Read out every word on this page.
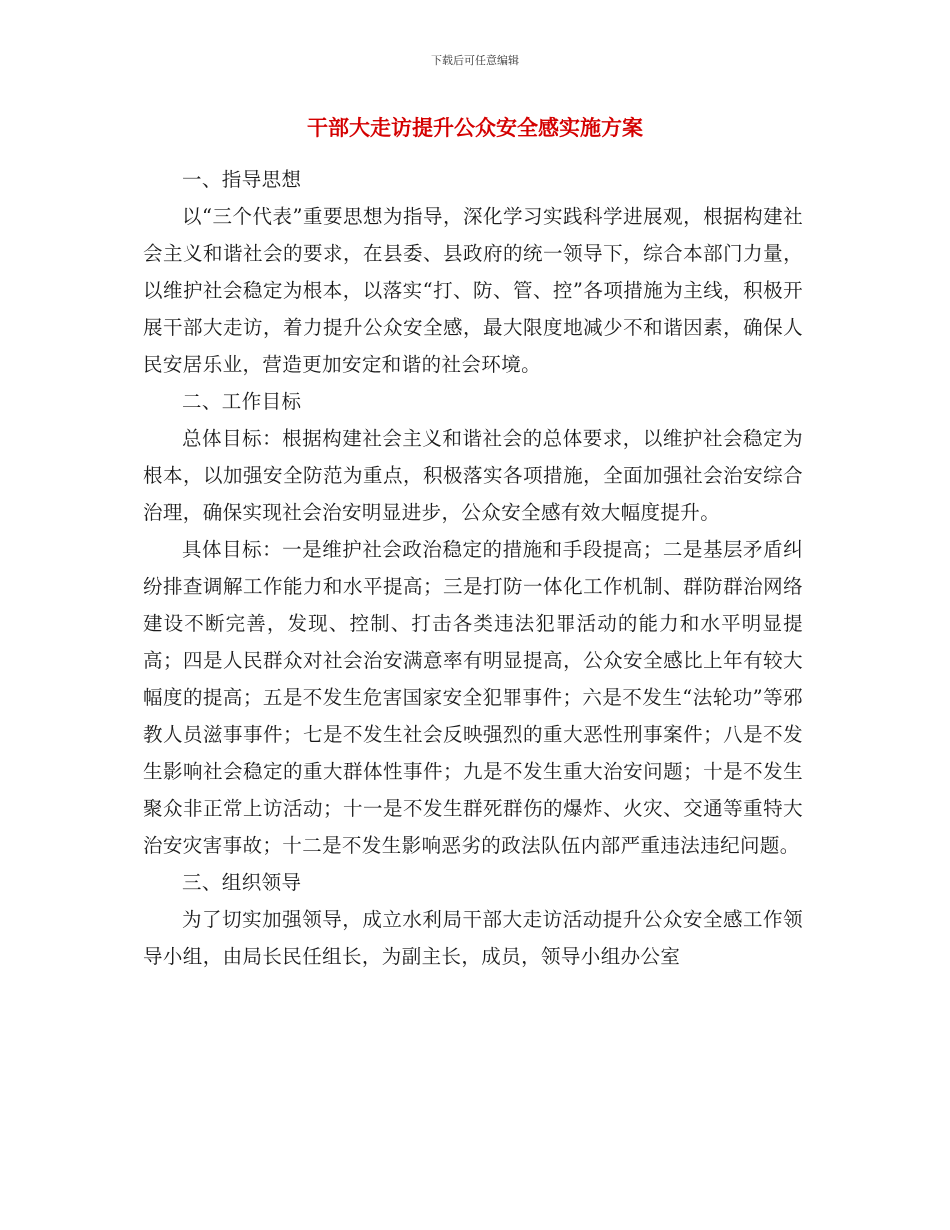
下载后可任意编辑
干部大走访提升公众安全感实施方案

一、指导思想

以“三个代表”重要思想为指导，深化学习实践科学进展观，根据构建社会主义和谐社会的要求，在县委、县政府的统一领导下，综合本部门力量，以维护社会稳定为根本，以落实“打、防、管、控”各项措施为主线，积极开展干部大走访，着力提升公众安全感，最大限度地减少不和谐因素，确保人民安居乐业，营造更加安定和谐的社会环境。

二、工作目标

总体目标：根据构建社会主义和谐社会的总体要求，以维护社会稳定为根本，以加强安全防范为重点，积极落实各项措施，全面加强社会治安综合治理，确保实现社会治安明显进步，公众安全感有效大幅度提升。

具体目标：一是维护社会政治稳定的措施和手段提高；二是基层矛盾纠纷排查调解工作能力和水平提高；三是打防一体化工作机制、群防群治网络建设不断完善，发现、控制、打击各类违法犯罪活动的能力和水平明显提高；四是人民群众对社会治安满意率有明显提高，公众安全感比上年有较大幅度的提高；五是不发生危害国家安全犯罪事件；六是不发生“法轮功”等邪教人员滋事事件；七是不发生社会反映强烈的重大恶性刑事案件；八是不发生影响社会稳定的重大群体性事件；九是不发生重大治安问题；十是不发生聚众非正常上访活动；十一是不发生群死群伤的爆炸、火灾、交通等重特大治安灾害事故；十二是不发生影响恶劣的政法队伍内部严重违法违纪问题。

三、组织领导

为了切实加强领导，成立水利局干部大走访活动提升公众安全感工作领导小组，由局长民任组长，为副主长，成员，领导小组办公室
